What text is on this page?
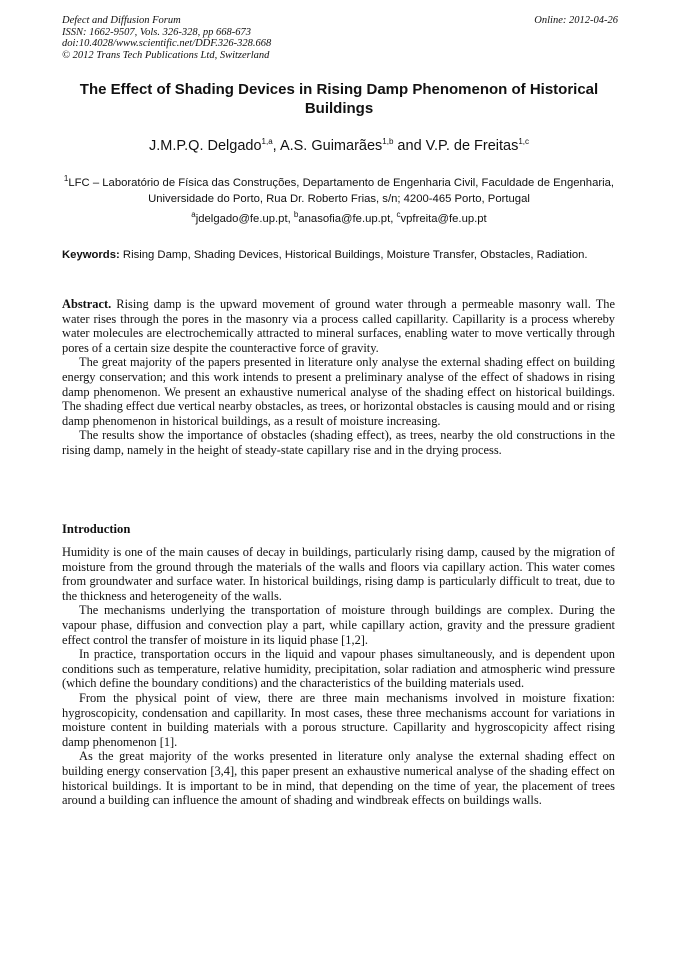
Defect and Diffusion Forum
ISSN: 1662-9507, Vols. 326-328, pp 668-673
doi:10.4028/www.scientific.net/DDF.326-328.668
© 2012 Trans Tech Publications Ltd, Switzerland
Online: 2012-04-26
The Effect of Shading Devices in Rising Damp Phenomenon of Historical Buildings
J.M.P.Q. Delgado$^{1,a}$, A.S. Guimarães$^{1,b}$ and V.P. de Freitas$^{1,c}$
$^1$LFC – Laboratório de Física das Construções, Departamento de Engenharia Civil, Faculdade de Engenharia, Universidade do Porto, Rua Dr. Roberto Frias, s/n; 4200-465 Porto, Portugal
$^a$jdelgado@fe.up.pt, $^b$anasofia@fe.up.pt, $^c$vpfreita@fe.up.pt
Keywords: Rising Damp, Shading Devices, Historical Buildings, Moisture Transfer, Obstacles, Radiation.

Abstract. Rising damp is the upward movement of ground water through a permeable masonry wall. The water rises through the pores in the masonry via a process called capillarity. Capillarity is a process whereby water molecules are electrochemically attracted to mineral surfaces, enabling water to move vertically through pores of a certain size despite the counteractive force of gravity.

The great majority of the papers presented in literature only analyse the external shading effect on building energy conservation; and this work intends to present a preliminary analyse of the effect of shadows in rising damp phenomenon. We present an exhaustive numerical analyse of the shading effect on historical buildings. The shading effect due vertical nearby obstacles, as trees, or horizontal obstacles is causing mould and or rising damp phenomenon in historical buildings, as a result of moisture increasing.

The results show the importance of obstacles (shading effect), as trees, nearby the old constructions in the rising damp, namely in the height of steady-state capillary rise and in the drying process.

Introduction

Humidity is one of the main causes of decay in buildings, particularly rising damp, caused by the migration of moisture from the ground through the materials of the walls and floors via capillary action. This water comes from groundwater and surface water. In historical buildings, rising damp is particularly difficult to treat, due to the thickness and heterogeneity of the walls.

The mechanisms underlying the transportation of moisture through buildings are complex. During the vapour phase, diffusion and convection play a part, while capillary action, gravity and the pressure gradient effect control the transfer of moisture in its liquid phase [1,2].

In practice, transportation occurs in the liquid and vapour phases simultaneously, and is dependent upon conditions such as temperature, relative humidity, precipitation, solar radiation and atmospheric wind pressure (which define the boundary conditions) and the characteristics of the building materials used.

From the physical point of view, there are three main mechanisms involved in moisture fixation: hygroscopicity, condensation and capillarity. In most cases, these three mechanisms account for variations in moisture content in building materials with a porous structure. Capillarity and hygroscopicity affect rising damp phenomenon [1].

As the great majority of the works presented in literature only analyse the external shading effect on building energy conservation [3,4], this paper present an exhaustive numerical analyse of the shading effect on historical buildings. It is important to be in mind, that depending on the time of year, the placement of trees around a building can influence the amount of shading and windbreak effects on buildings walls.
